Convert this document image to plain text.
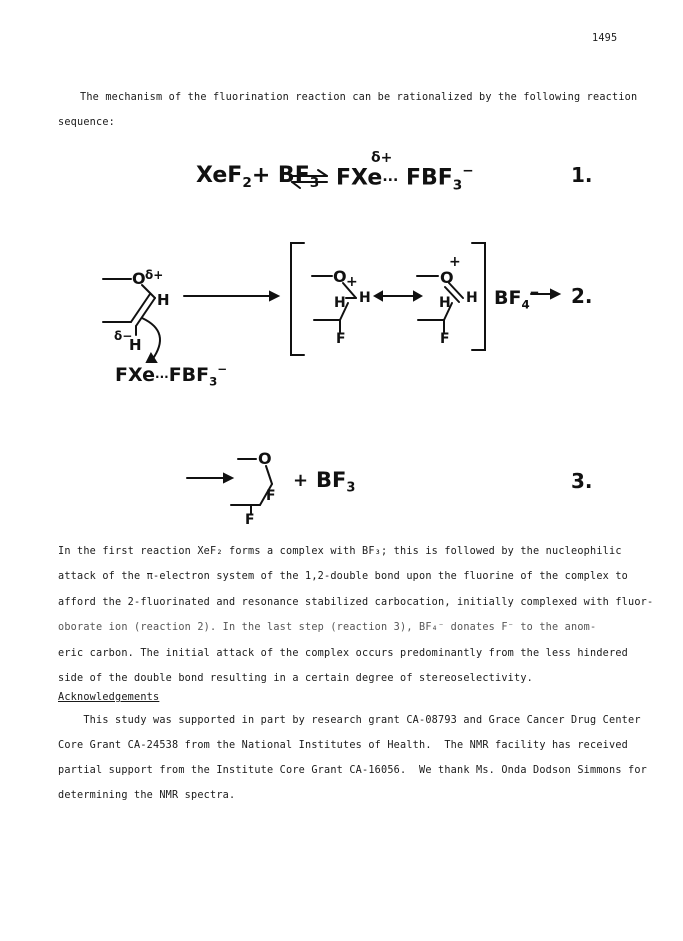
1495
The mechanism of the fluorination reaction can be rationalized by the following reaction
sequence:
δ+
$XeF_2+ BF_3$ $FXe\cdot\cdot\cdot FBF_3^-$	1.
O δ+
H
δ−
H
$FXe\cdot\cdot\cdot FBF_3^-$
O +
H H
F
O
+
H H
F
$BF_4^-$ 2.
O
F
F
+ $BF_3$	3.
In the first reaction XeF₂ forms a complex with BF₃; this is followed by the nucleophilic
attack of the π-electron system of the 1,2-double bond upon the fluorine of the complex to
afford the 2-fluorinated and resonance stabilized carbocation, initially complexed with fluor-
oborate ion (reaction 2). In the last step (reaction 3), BF₄⁻ donates F⁻ to the anom-
eric carbon. The initial attack of the complex occurs predominantly from the less hindered
side of the double bond resulting in a certain degree of stereoselectivity.
Acknowledgements
This study was supported in part by research grant CA-08793 and Grace Cancer Drug Center
Core Grant CA-24538 from the National Institutes of Health.  The NMR facility has received
partial support from the Institute Core Grant CA-16056.  We thank Ms. Onda Dodson Simmons for
determining the NMR spectra.
